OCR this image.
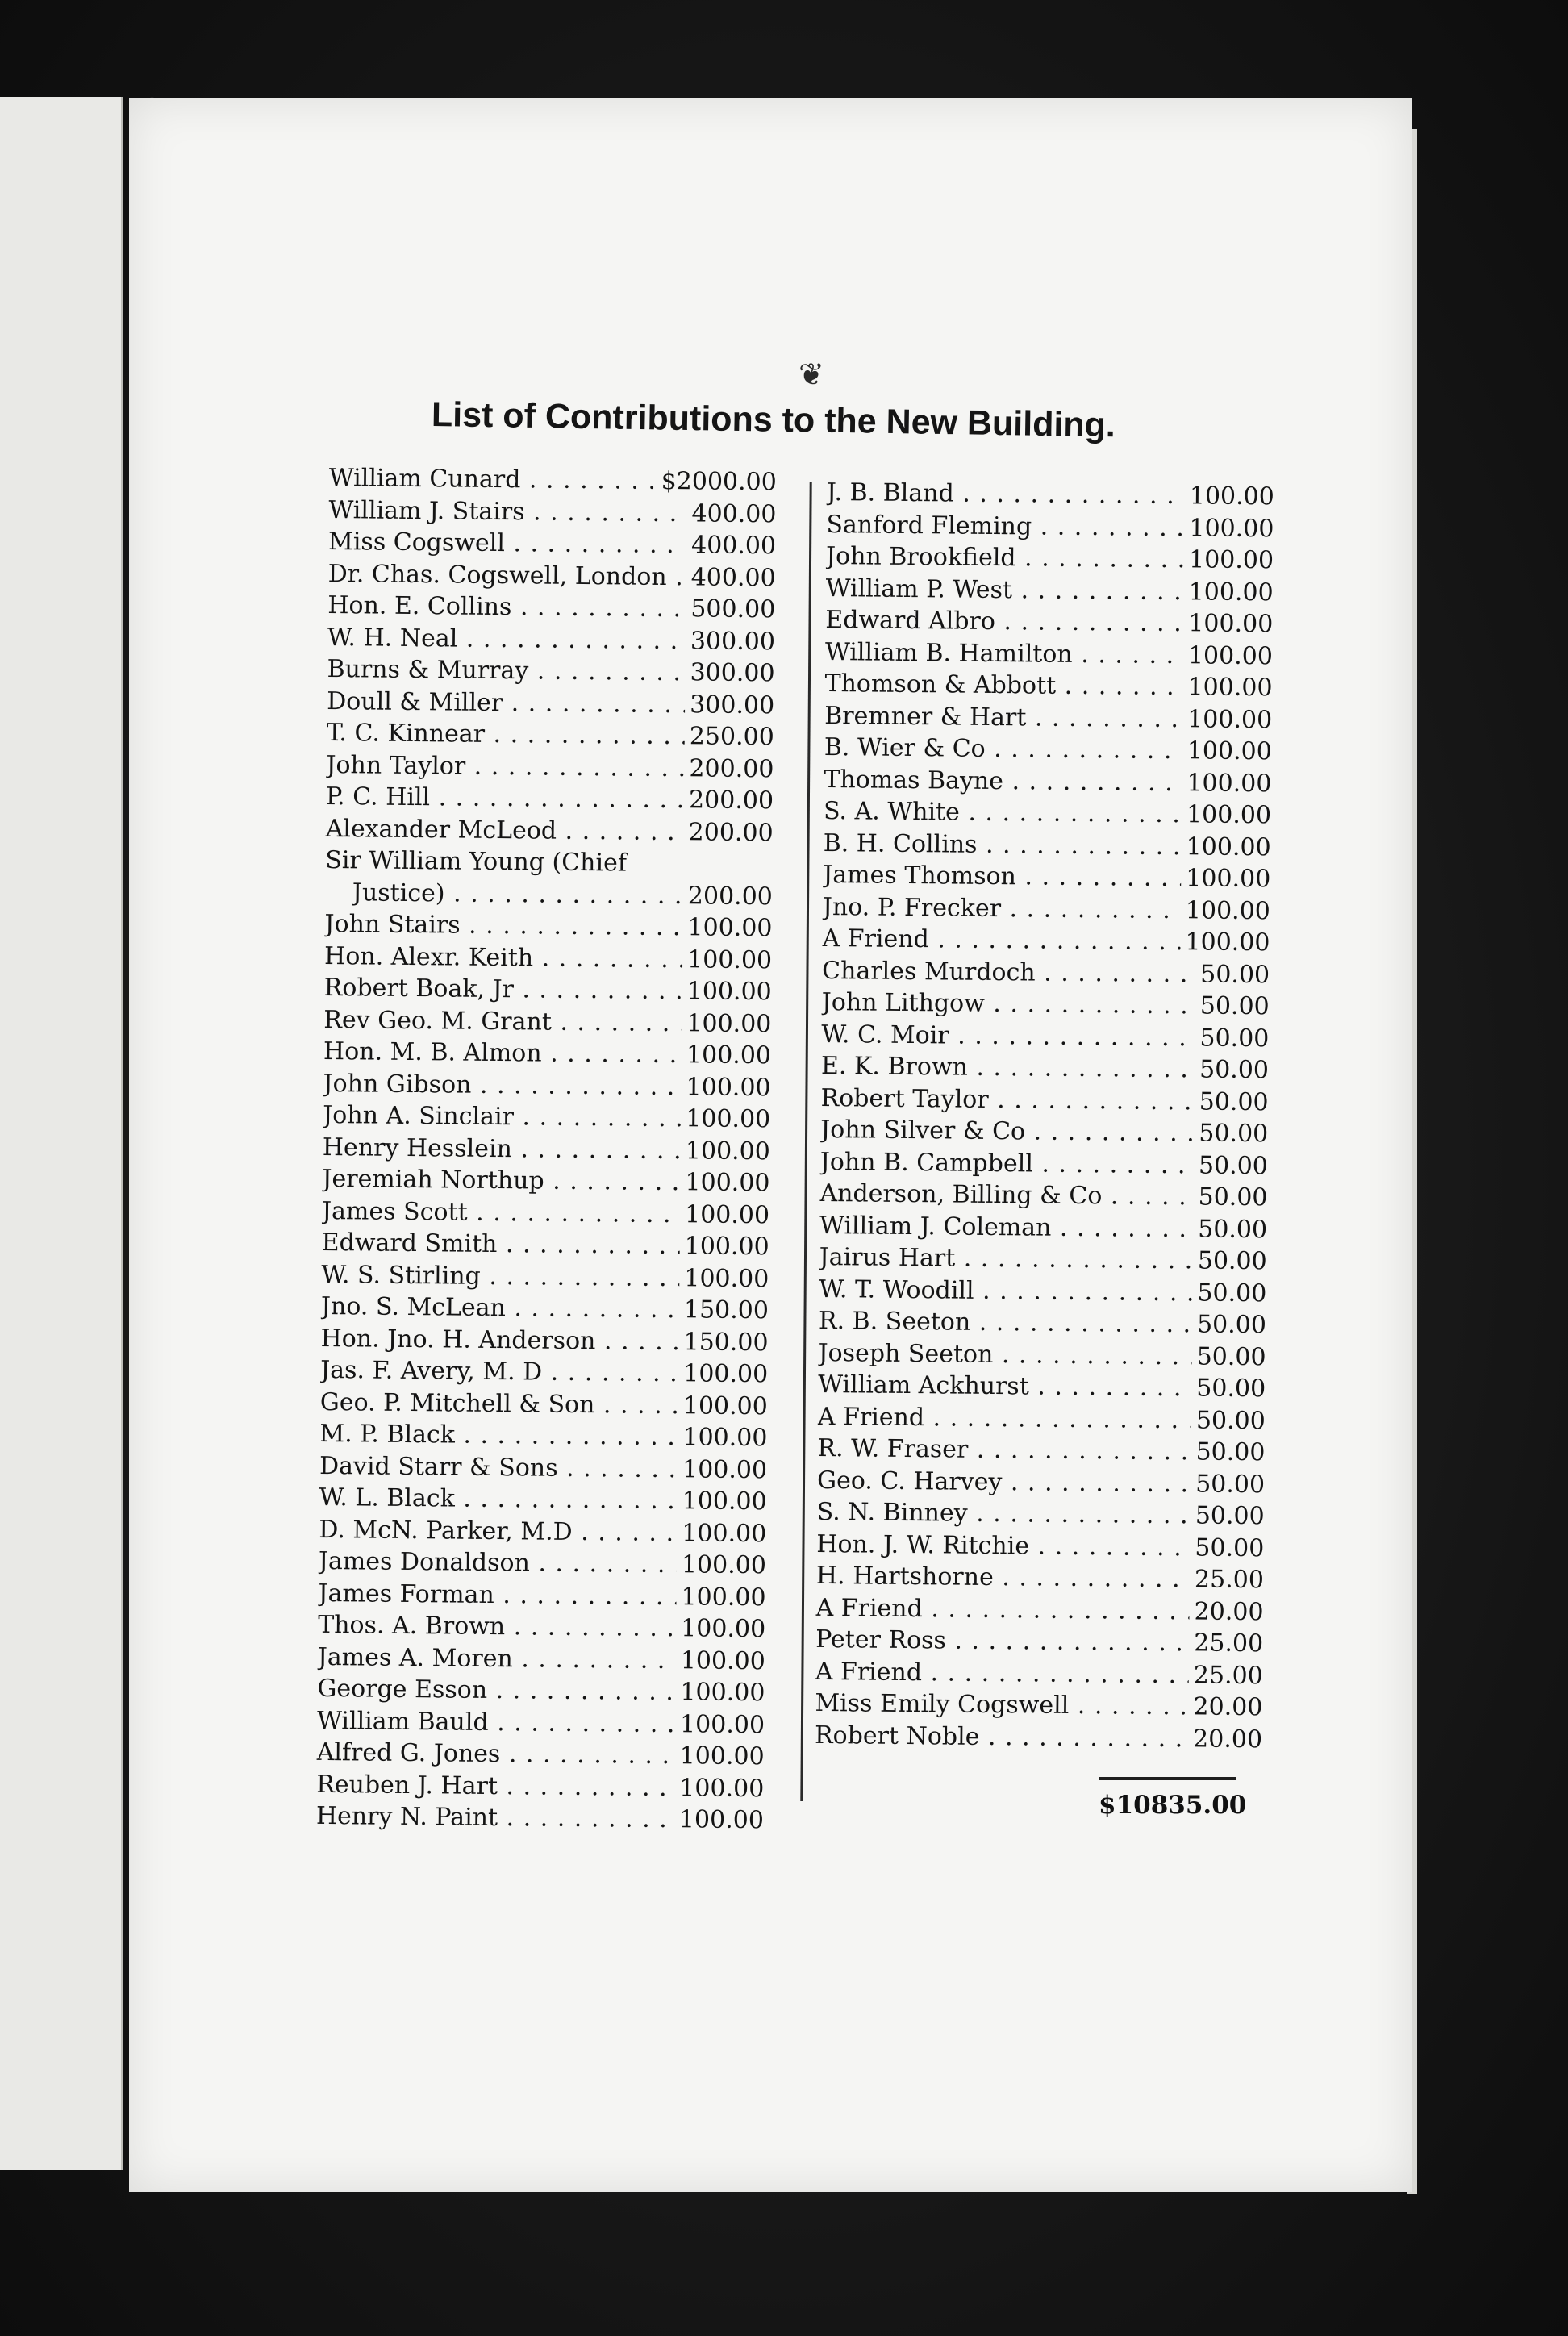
❦
List of Contributions to the New Building.
William Cunard . . .	$2000.00
William J. Stairs . . .	400.00
Miss Cogswell . . .	400.00
Dr. Chas. Cogswell, London . . . 400.00
Hon. E. Collins . . .	500.00
W. H. Neal . . .	300.00
Burns & Murray . . .	300.00
Doull & Miller . . .	300.00
T. C. Kinnear . . .	250.00
John Taylor . . .	200.00
P. C. Hill . . .	200.00
Alexander McLeod . . .	200.00
Sir William Young (Chief
Justice) . . .	200.00
John Stairs . . .	100.00
Hon. Alexr. Keith . . .	100.00
Robert Boak, Jr . . .	100.00
Rev Geo. M. Grant . . .	100.00
Hon. M. B. Almon . . .	100.00
John Gibson . . .	100.00
John A. Sinclair . . .	100.00
Henry Hesslein . . .	100.00
Jeremiah Northup . . .	100.00
James Scott . . .	100.00
Edward Smith . . .	100.00
W. S. Stirling . . .	100.00
Jno. S. McLean . . .	150.00
Hon. Jno. H. Anderson . . .	150.00
Jas. F. Avery, M. D . . .	100.00
Geo. P. Mitchell & Son . . .	100.00
M. P. Black . . .	100.00
David Starr & Sons . . .	100.00
W. L. Black . . .	100.00
D. McN. Parker, M.D . . .	100.00
James Donaldson . . .	100.00
James Forman . . .	100.00
Thos. A. Brown . . .	100.00
James A. Moren . . .	100.00
George Esson . . .	100.00
William Bauld . . .	100.00
Alfred G. Jones . . .	100.00
Reuben J. Hart . . .	100.00
Henry N. Paint . . .	100.00
J. B. Bland . . .	100.00
Sanford Fleming . . .	100.00
John Brookfield . . .	100.00
William P. West . . .	100.00
Edward Albro . . .	100.00
William B. Hamilton . . .	100.00
Thomson & Abbott . . .	100.00
Bremner & Hart . . .	100.00
B. Wier & Co . . .	100.00
Thomas Bayne . . .	100.00
S. A. White . . .	100.00
B. H. Collins . . .	100.00
James Thomson . . .	100.00
Jno. P. Frecker . . .	100.00
A Friend . . .	100.00
Charles Murdoch . . .	50.00
John Lithgow . . .	50.00
W. C. Moir . . .	50.00
E. K. Brown . . .	50.00
Robert Taylor . . .	50.00
John Silver & Co . . .	50.00
John B. Campbell . . .	50.00
Anderson, Billing & Co . . .	50.00
William J. Coleman . . .	50.00
Jairus Hart . . .	50.00
W. T. Woodill . . .	50.00
R. B. Seeton . . .	50.00
Joseph Seeton . . .	50.00
William Ackhurst . . .	50.00
A Friend . . .	50.00
R. W. Fraser . . .	50.00
Geo. C. Harvey . . .	50.00
S. N. Binney . . .	50.00
Hon. J. W. Ritchie . . .	50.00
H. Hartshorne . . .	25.00
A Friend . . .	20.00
Peter Ross . . .	25.00
A Friend . . .	25.00
Miss Emily Cogswell . . .	20.00
Robert Noble . . .	20.00
$10835.00
